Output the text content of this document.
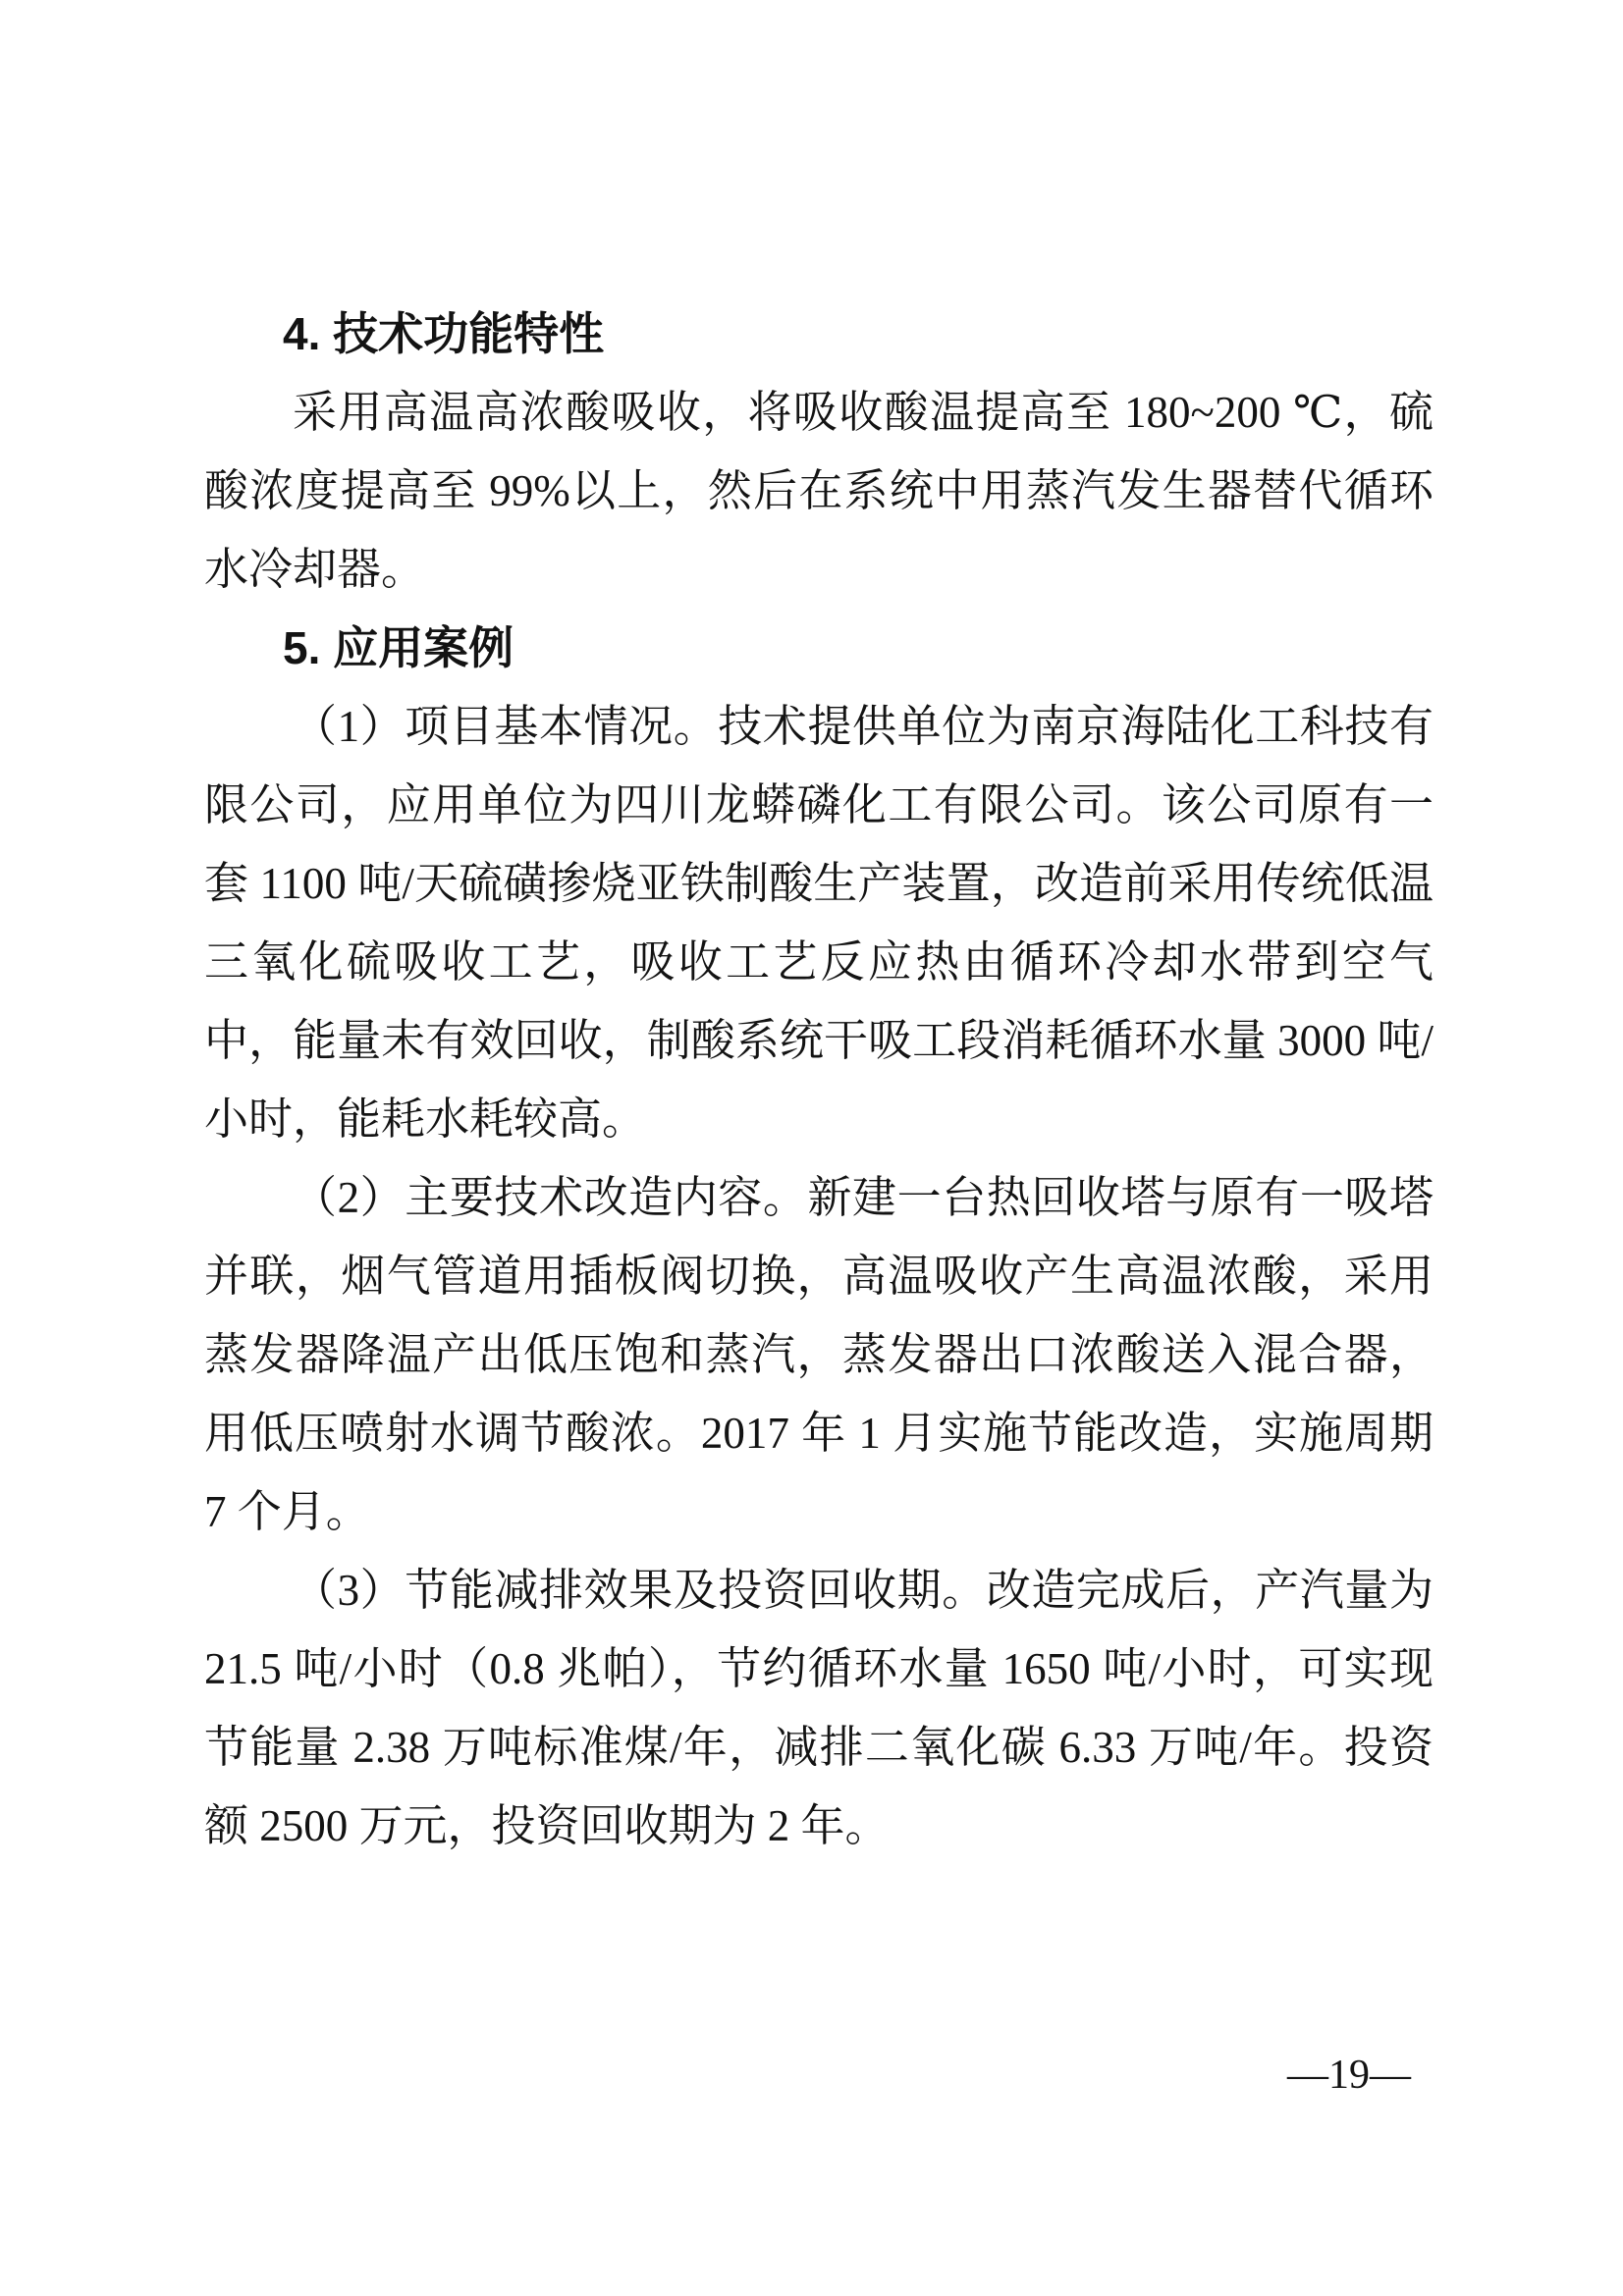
4. 技术功能特性

采用高温高浓酸吸收，将吸收酸温提高至 180~200 ℃，硫酸浓度提高至 99%以上，然后在系统中用蒸汽发生器替代循环水冷却器。

5. 应用案例

（1）项目基本情况。技术提供单位为南京海陆化工科技有限公司，应用单位为四川龙蟒磷化工有限公司。该公司原有一套 1100 吨/天硫磺掺烧亚铁制酸生产装置，改造前采用传统低温三氧化硫吸收工艺，吸收工艺反应热由循环冷却水带到空气中，能量未有效回收，制酸系统干吸工段消耗循环水量 3000 吨/小时，能耗水耗较高。

（2）主要技术改造内容。新建一台热回收塔与原有一吸塔并联，烟气管道用插板阀切换，高温吸收产生高温浓酸，采用蒸发器降温产出低压饱和蒸汽，蒸发器出口浓酸送入混合器，用低压喷射水调节酸浓。2017 年 1 月实施节能改造，实施周期 7 个月。

（3）节能减排效果及投资回收期。改造完成后，产汽量为 21.5 吨/小时（0.8 兆帕），节约循环水量 1650 吨/小时，可实现节能量 2.38 万吨标准煤/年，减排二氧化碳 6.33 万吨/年。投资额 2500 万元，投资回收期为 2 年。

—19—
